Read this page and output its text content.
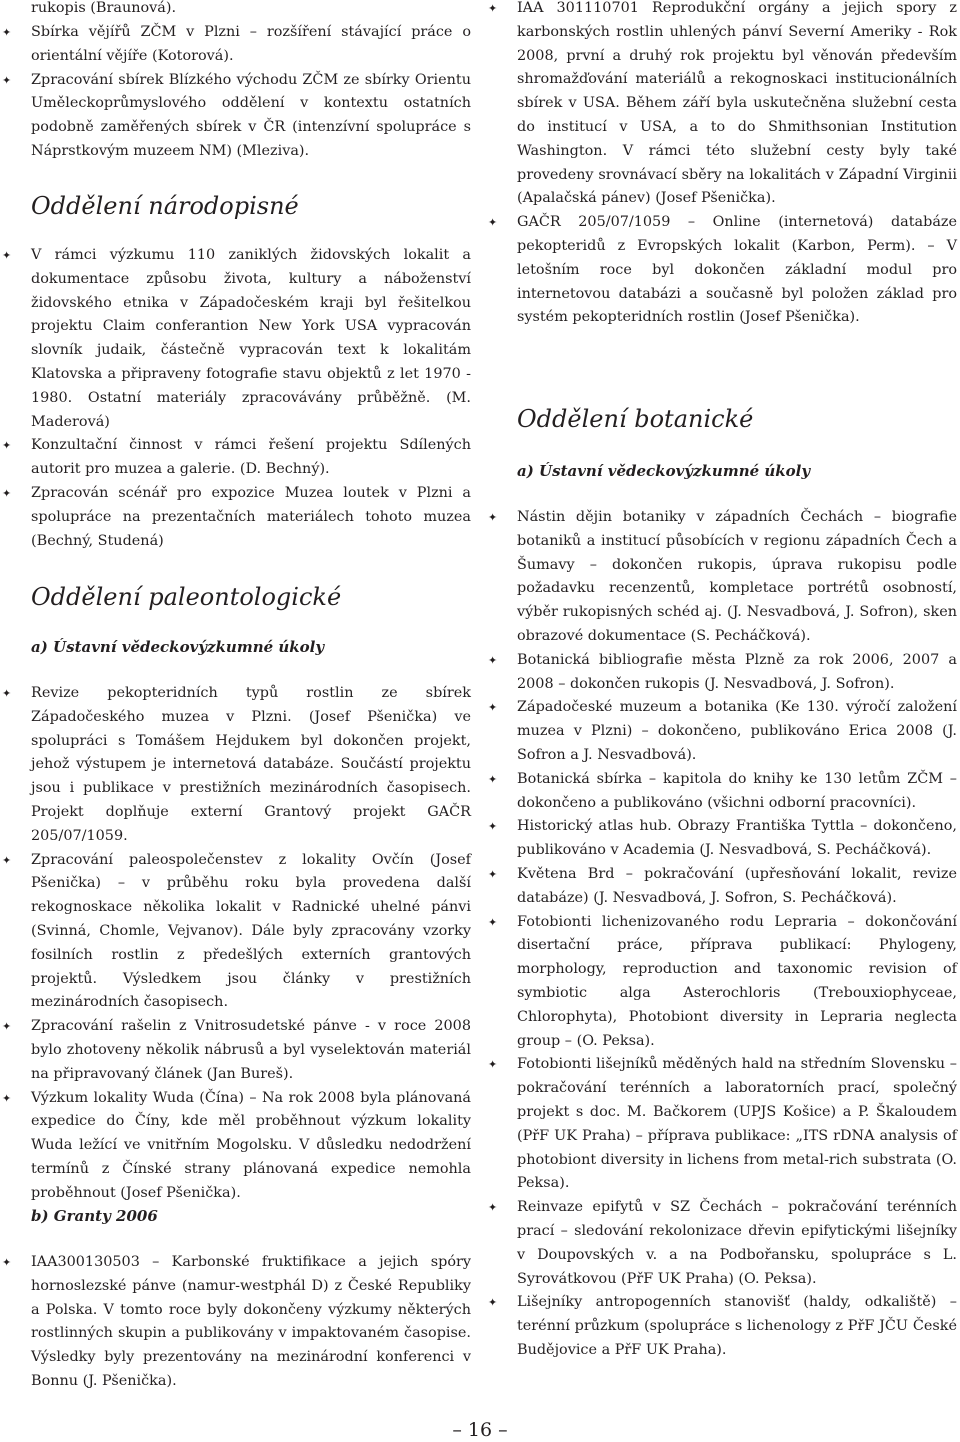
rukopis (Braunová).
✦ Sbírka vějířů ZČM v Plzni – rozšíření stávající práce o orientální vějíře (Kotorová).
✦ Zpracování sbírek Blízkého východu ZČM ze sbírky Orientu Uměleckoprůmyslového oddělení v kontextu ostatních podobně zaměřených sbírek v ČR (intenzívní spolupráce s Náprstkovým muzeem NM) (Mleziva).
Oddělení národopisné
✦ V rámci výzkumu 110 zaniklých židovských lokalit a dokumentace způsobu života, kultury a náboženství židovského etnika v Západočeském kraji byl řešitelkou projektu Claim conferantion New York USA vypracován slovník judaik, částečně vypracován text k lokalitám Klatovska a připraveny fotografie stavu objektů z let 1970 - 1980. Ostatní materiály zpracovávány průběžně. (M. Maderová)
✦ Konzultační činnost v rámci řešení projektu Sdílených autorit pro muzea a galerie. (D. Bechný).
✦ Zpracován scénář pro expozice Muzea loutek v Plzni a spolupráce na prezentačních materiálech tohoto muzea (Bechný, Studená)
Oddělení paleontologické
a) Ústavní vědeckovýzkumné úkoly
✦ Revize pekopteridních typů rostlin ze sbírek Západočeského muzea v Plzni. (Josef Pšenička) ve spolupráci s Tomášem Hejdukem byl dokončen projekt, jehož výstupem je internetová databáze. Součástí projektu jsou i publikace v prestižních mezinárodních časopisech. Projekt doplňuje externí Grantový projekt GAČR 205/07/1059.
✦ Zpracování paleospolečenstev z lokality Ovčín (Josef Pšenička) – v průběhu roku byla provedena další rekognoskace několika lokalit v Radnické uhelné pánvi (Svinná, Chomle, Vejvanov). Dále byly zpracovány vzorky fosilních rostlin z předešlých externích grantových projektů. Výsledkem jsou články v prestižních mezinárodních časopisech.
✦ Zpracování rašelin z Vnitrosudetské pánve - v roce 2008 bylo zhotoveny několik nábrusů a byl vyselektován materiál na připravovaný článek (Jan Bureš).
✦ Výzkum lokality Wuda (Čína) – Na rok 2008 byla plánovaná expedice do Číny, kde měl proběhnout výzkum lokality Wuda ležící ve vnitřním Mogolsku. V důsledku nedodržení termínů z Čínské strany plánovaná expedice nemohla proběhnout (Josef Pšenička).
b) Granty 2006
✦ IAA300130503 – Karbonské fruktifikace a jejich spóry hornoslezské pánve (namur-westphál D) z České Republiky a Polska. V tomto roce byly dokončeny výzkumy některých rostlinných skupin a publikovány v impaktovaném časopise. Výsledky byly prezentovány na mezinárodní konferenci v Bonnu (J. Pšenička).
✦ IAA 301110701 Reprodukční orgány a jejich spory z karbonských rostlin uhlených pánví Severní Ameriky - Rok 2008, první a druhý rok projektu byl věnován především shromažďování materiálů a rekognoskaci institucionálních sbírek v USA. Během září byla uskutečněna služební cesta do institucí v USA, a to do Shmithsonian Institution Washington. V rámci této služební cesty byly také provedeny srovnávací sběry na lokalitách v Západní Virginii (Apalačská pánev) (Josef Pšenička).
✦ GAČR 205/07/1059 – Online (internetová) databáze pekopteridů z Evropských lokalit (Karbon, Perm). – V letošním roce byl dokončen základní modul pro internetovou databázi a současně byl položen základ pro systém pekopteridních rostlin (Josef Pšenička).
Oddělení botanické
a) Ústavní vědeckovýzkumné úkoly
✦ Nástin dějin botaniky v západních Čechách – biografie botaniků a institucí působících v regionu západních Čech a Šumavy – dokončen rukopis, úprava rukopisu podle požadavku recenzentů, kompletace portrétů osobností, výběr rukopisných schéd aj. (J. Nesvadbová, J. Sofron), sken obrazové dokumentace (S. Pecháčková).
✦ Botanická bibliografie města Plzně za rok 2006, 2007 a 2008 – dokončen rukopis (J. Nesvadbová, J. Sofron).
✦ Západočeské muzeum a botanika (Ke 130. výročí založení muzea v Plzni) – dokončeno, publikováno Erica 2008 (J. Sofron a J. Nesvadbová).
✦ Botanická sbírka – kapitola do knihy ke 130 letům ZČM – dokončeno a publikováno (všichni odborní pracovníci).
✦ Historický atlas hub. Obrazy Františka Tyttla – dokončeno, publikováno v Academia (J. Nesvadbová, S. Pecháčková).
✦ Květena Brd – pokračování (upřesňování lokalit, revize databáze) (J. Nesvadbová, J. Sofron, S. Pecháčková).
✦ Fotobionti lichenizovaného rodu Lepraria – dokončování disertační práce, příprava publikací: Phylogeny, morphology, reproduction and taxonomic revision of symbiotic alga Asterochloris (Trebouxiophyceae, Chlorophyta), Photobiont diversity in Lepraria neglecta group – (O. Peksa).
✦ Fotobionti lišejníků měděných hald na středním Slovensku – pokračování terénních a laboratorních prací, společný projekt s doc. M. Bačkorem (UPJS Košice) a P. Škaloudem (PřF UK Praha) – příprava publikace: „ITS rDNA analysis of photobiont diversity in lichens from metal-rich substrata (O. Peksa).
✦ Reinvaze epifytů v SZ Čechách – pokračování terénních prací – sledování rekolonizace dřevin epifytickými lišejníky v Doupovských v. a na Podbořansku, spolupráce s L. Syrovátkovou (PřF UK Praha) (O. Peksa).
✦ Lišejníky antropogenních stanovišť (haldy, odkaliště) – terénní průzkum (spolupráce s lichenology z PřF JČU České Budějovice a PřF UK Praha).
– 16 –
